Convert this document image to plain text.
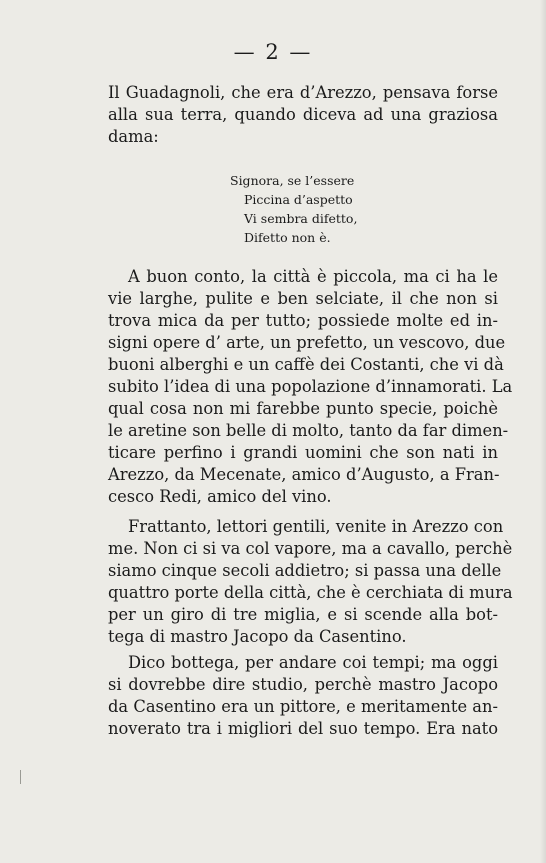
— 2 —
Il Guadagnoli, che era d’Arezzo, pensava forse
alla sua terra, quando diceva ad una graziosa
dama:
Signora, se l’essere
Piccina d’aspetto
Vi sembra difetto,
Difetto non è.
A buon conto, la città è piccola, ma ci ha le
vie larghe, pulite e ben selciate, il che non si
trova mica da per tutto; possiede molte ed in-
signi opere d’ arte, un prefetto, un vescovo, due
buoni alberghi e un caffè dei Costanti, che vi dà
subito l’idea di una popolazione d’innamorati. La
qual cosa non mi farebbe punto specie, poichè
le aretine son belle di molto, tanto da far dimen-
ticare perfino i grandi uomini che son nati in
Arezzo, da Mecenate, amico d’Augusto, a Fran-
cesco Redi, amico del vino.
Frattanto, lettori gentili, venite in Arezzo con
me. Non ci si va col vapore, ma a cavallo, perchè
siamo cinque secoli addietro; si passa una delle
quattro porte della città, che è cerchiata di mura
per un giro di tre miglia, e si scende alla bot-
tega di mastro Jacopo da Casentino.
Dico bottega, per andare coi tempi; ma oggi
si dovrebbe dire studio, perchè mastro Jacopo
da Casentino era un pittore, e meritamente an-
noverato tra i migliori del suo tempo. Era nato
